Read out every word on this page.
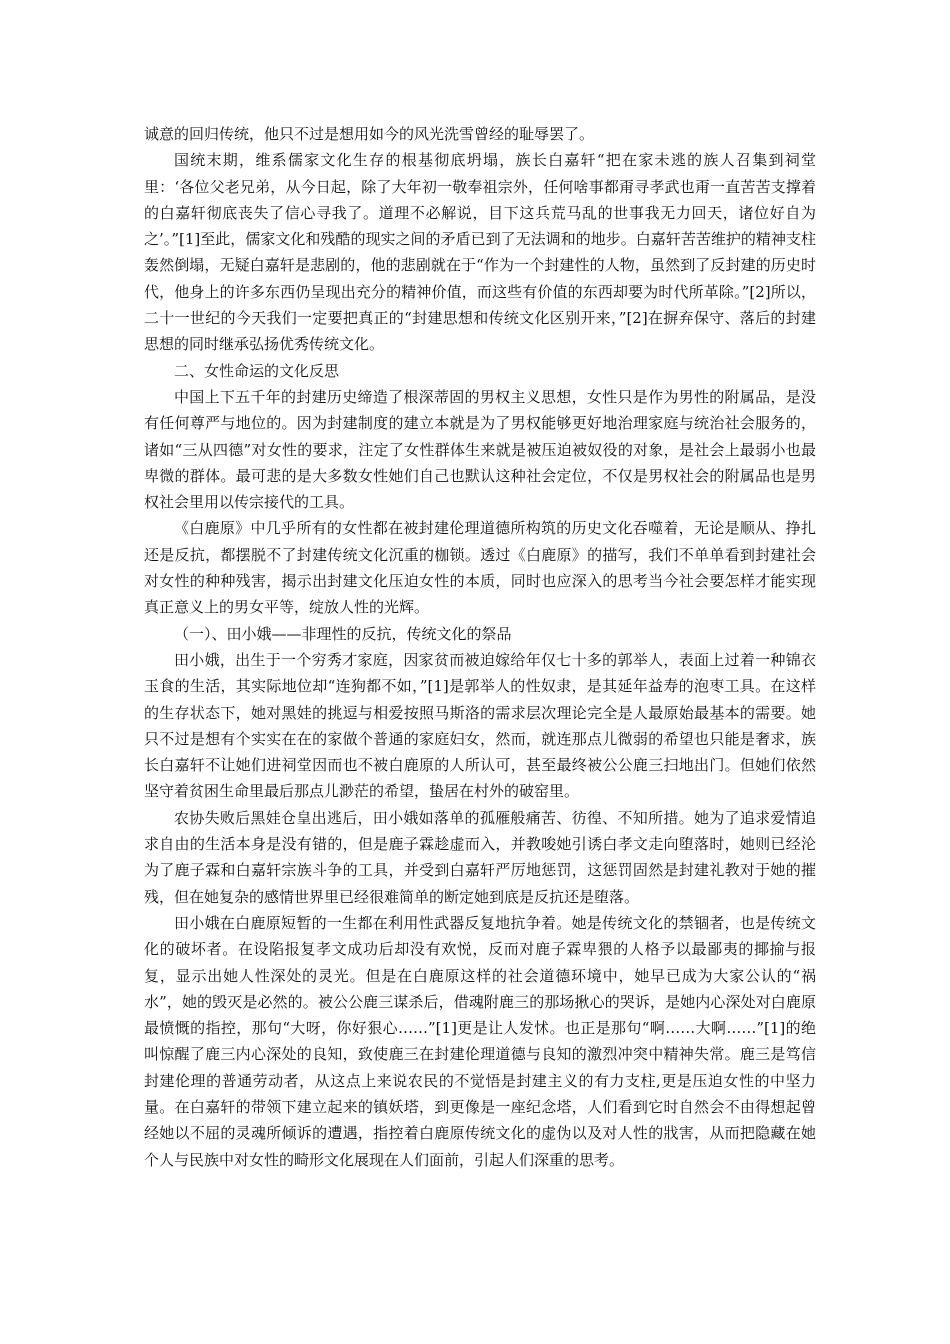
诚意的回归传统，他只不过是想用如今的风光洗雪曾经的耻辱罢了。

国统末期，维系儒家文化生存的根基彻底坍塌，族长白嘉轩“把在家未逃的族人召集到祠堂里：‘各位父老兄弟，从今日起，除了大年初一敬奉祖宗外，任何啥事都甭寻孝武也甭一直苦苦支撑着的白嘉轩彻底丧失了信心寻我了。道理不必解说，目下这兵荒马乱的世事我无力回天，诸位好自为之’。”[1]至此，儒家文化和残酷的现实之间的矛盾已到了无法调和的地步。白嘉轩苦苦维护的精神支柱轰然倒塌，无疑白嘉轩是悲剧的，他的悲剧就在于“作为一个封建性的人物，虽然到了反封建的历史时代，他身上的许多东西仍呈现出充分的精神价值，而这些有价值的东西却要为时代所革除。”[2]所以，二十一世纪的今天我们一定要把真正的“封建思想和传统文化区别开来，”[2]在摒弃保守、落后的封建思想的同时继承弘扬优秀传统文化。

二、女性命运的文化反思

中国上下五千年的封建历史缔造了根深蒂固的男权主义思想，女性只是作为男性的附属品，是没有任何尊严与地位的。因为封建制度的建立本就是为了男权能够更好地治理家庭与统治社会服务的，诸如“三从四德”对女性的要求，注定了女性群体生来就是被压迫被奴役的对象，是社会上最弱小也最卑微的群体。最可悲的是大多数女性她们自己也默认这种社会定位，不仅是男权社会的附属品也是男权社会里用以传宗接代的工具。

《白鹿原》中几乎所有的女性都在被封建伦理道德所构筑的历史文化吞噬着，无论是顺从、挣扎还是反抗，都摆脱不了封建传统文化沉重的枷锁。透过《白鹿原》的描写，我们不单单看到封建社会对女性的种种残害，揭示出封建文化压迫女性的本质，同时也应深入的思考当今社会要怎样才能实现真正意义上的男女平等，绽放人性的光辉。

（一）、田小娥——非理性的反抗，传统文化的祭品

田小娥，出生于一个穷秀才家庭，因家贫而被迫嫁给年仅七十多的郭举人，表面上过着一种锦衣玉食的生活，其实际地位却“连狗都不如，”[1]是郭举人的性奴隶，是其延年益寿的泡枣工具。在这样的生存状态下，她对黑娃的挑逗与相爱按照马斯洛的需求层次理论完全是人最原始最基本的需要。她只不过是想有个实实在在的家做个普通的家庭妇女，然而，就连那点儿微弱的希望也只能是奢求，族长白嘉轩不让她们进祠堂因而也不被白鹿原的人所认可，甚至最终被公公鹿三扫地出门。但她们依然坚守着贫困生命里最后那点儿渺茫的希望，蛰居在村外的破窑里。

农协失败后黑娃仓皇出逃后，田小娥如落单的孤雁般痛苦、彷徨、不知所措。她为了追求爱情追求自由的生活本身是没有错的，但是鹿子霖趁虚而入，并教唆她引诱白孝文走向堕落时，她则已经沦为了鹿子霖和白嘉轩宗族斗争的工具，并受到白嘉轩严厉地惩罚，这惩罚固然是封建礼教对于她的摧残，但在她复杂的感情世界里已经很难简单的断定她到底是反抗还是堕落。

田小娥在白鹿原短暂的一生都在利用性武器反复地抗争着。她是传统文化的禁锢者，也是传统文化的破坏者。在设陷报复孝文成功后却没有欢悦，反而对鹿子霖卑猥的人格予以最鄙夷的揶揄与报复，显示出她人性深处的灵光。但是在白鹿原这样的社会道德环境中，她早已成为大家公认的“祸水”，她的毁灭是必然的。被公公鹿三谋杀后，借魂附鹿三的那场揪心的哭诉，是她内心深处对白鹿原最愤慨的指控，那句“大呀，你好狠心……”[1]更是让人发怵。也正是那句“啊……大啊……”[1]的绝叫惊醒了鹿三内心深处的良知，致使鹿三在封建伦理道德与良知的激烈冲突中精神失常。鹿三是笃信封建伦理的普通劳动者，从这点上来说农民的不觉悟是封建主义的有力支柱,更是压迫女性的中坚力量。在白嘉轩的带领下建立起来的镇妖塔，到更像是一座纪念塔，人们看到它时自然会不由得想起曾经她以不屈的灵魂所倾诉的遭遇，指控着白鹿原传统文化的虚伪以及对人性的戕害，从而把隐藏在她个人与民族中对女性的畸形文化展现在人们面前，引起人们深重的思考。
